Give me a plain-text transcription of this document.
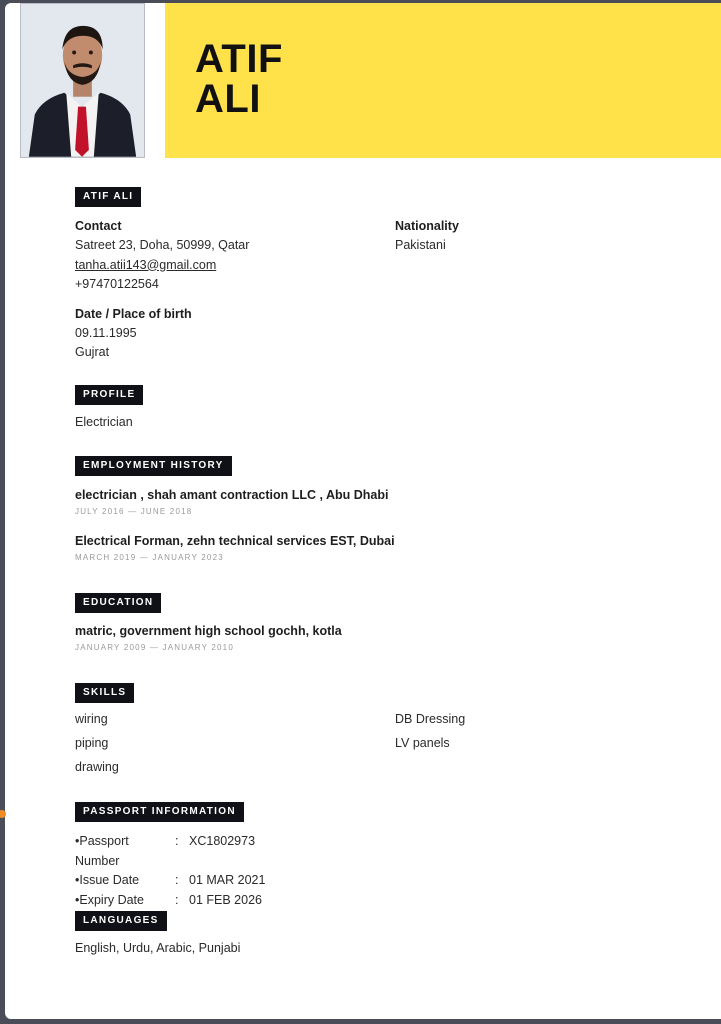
ATIF
ALI
ATIF ALI
Contact
Satreet 23, Doha, 50999, Qatar
tanha.atii143@gmail.com
+97470122564
Date / Place of birth
09.11.1995
Gujrat
Nationality
Pakistani
PROFILE
Electrician
EMPLOYMENT HISTORY
electrician , shah amant contraction LLC , Abu Dhabi
JULY 2016 — JUNE 2018
Electrical Forman, zehn technical services EST, Dubai
MARCH 2019 — JANUARY 2023
EDUCATION
matric, government high school gochh, kotla
JANUARY 2009 — JANUARY 2010
SKILLS
wiring
piping
drawing
DB Dressing
LV panels
PASSPORT INFORMATION
•Passport Number
: XC1802973
•Issue Date	: 01 MAR 2021
•Expiry Date	: 01 FEB 2026
LANGUAGES
English, Urdu, Arabic, Punjabi
